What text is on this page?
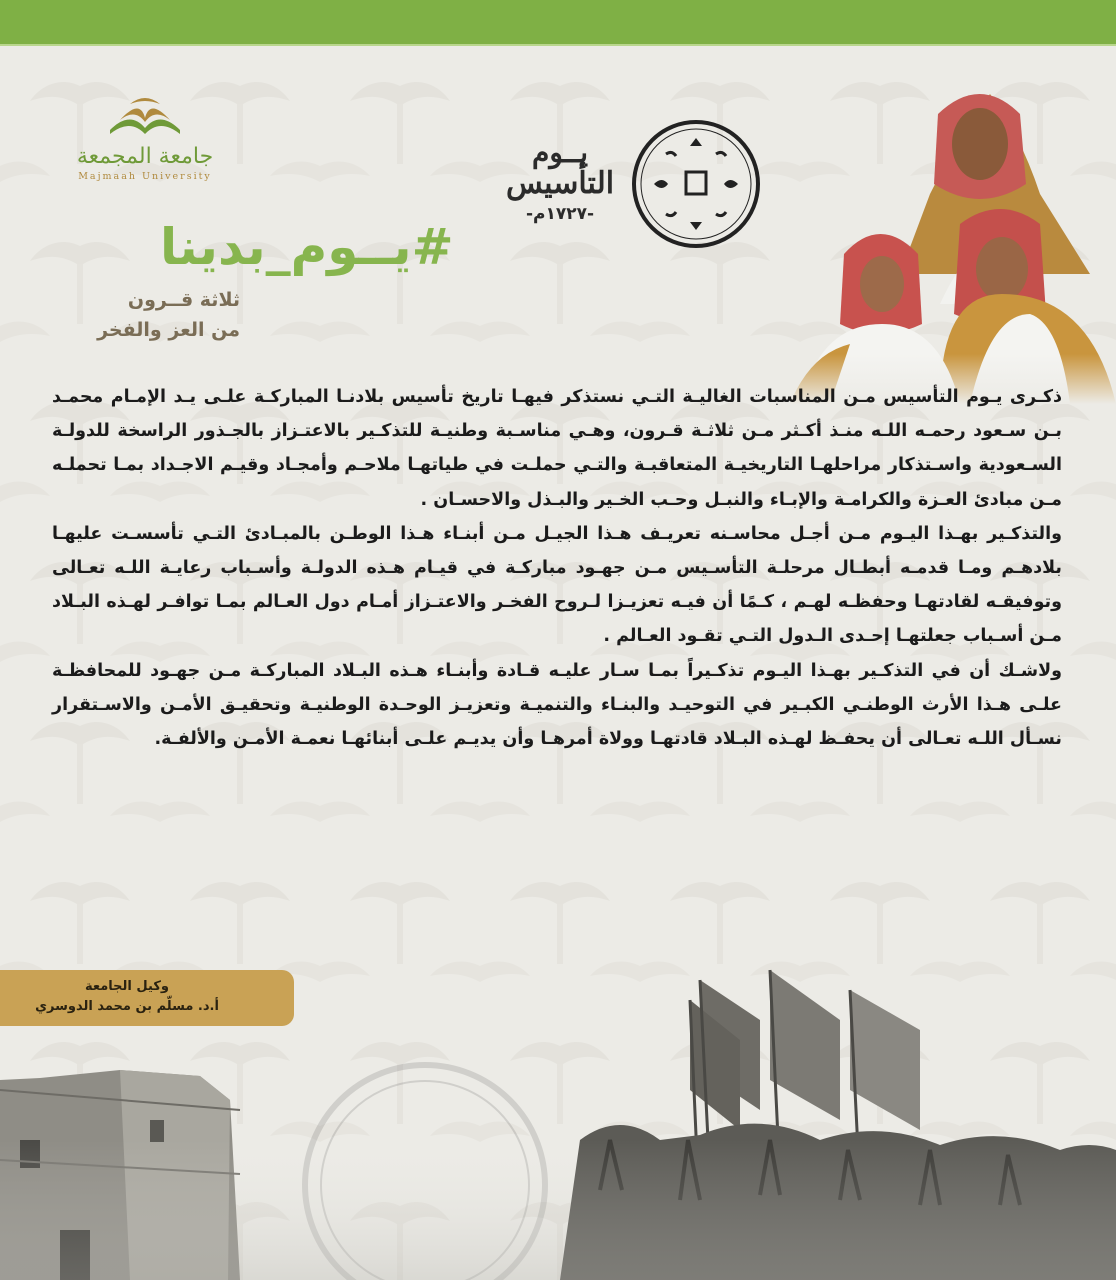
جامعة المجمعة
Majmaah University
يــوم
التأسيس
-١٧٢٧م-
#يــوم_بدينا
ثلاثة قــرون
من العز والفخر

ذكـرى يـوم التأسيس مـن المناسبات الغاليـة التـي نستذكر فيهـا تاريخ تأسيس بلادنـا المباركـة علـى يـد الإمـام محمـد بـن سـعود رحمـه اللـه منـذ أكـثر مـن ثلاثـة قـرون، وهـي مناسـبة وطنيـة للتذكـير بالاعتـزاز بالجـذور الراسخة للدولـة السـعودية واسـتذكار مراحلهـا التاريخيـة المتعاقبـة والتـي حملـت في طياتهـا ملاحـم وأمجـاد وقيـم الاجـداد بمـا تحملـه مـن مبادئ العـزة والكرامـة والإبـاء والنبـل وحـب الخـير والبـذل والاحسـان .

والتذكـير بهـذا اليـوم مـن أجـل محاسـنه تعريـف هـذا الجيـل مـن أبنـاء هـذا الوطـن بالمبـادئ التـي تأسسـت عليهـا بلادهـم ومـا قدمـه أبطـال مرحلـة التأسـيس مـن جهـود مباركـة في قيـام هـذه الدولـة وأسـباب رعايـة اللـه تعـالى وتوفيقـه لقادتهـا وحفظـه لهـم ، كـمًا أن فيـه تعزيـزا لـروح الفخـر والاعتـزاز أمـام دول العـالم بمـا توافـر لهـذه البـلاد مـن أسـباب جعلتهـا إحـدى الـدول التـي تقـود العـالم .

ولاشـك أن في التذكـير بهـذا اليـوم تذكـيراً بمـا سـار عليـه قـادة وأبنـاء هـذه البـلاد المباركـة مـن جهـود للمحافظـة علـى هـذا الأرث الوطنـي الكبـير في التوحيـد والبنـاء والتنميـة وتعزيـز الوحـدة الوطنيـة وتحقيـق الأمـن والاسـتقرار نسـأل اللـه تعـالى أن يحفـظ لهـذه البـلاد قادتهـا وولاة أمرهـا وأن يديـم علـى أبنائهـا نعمـة الأمـن والألفـة.

وكيل الجامعة
أ.د. مسلّم بن محمد الدوسري
